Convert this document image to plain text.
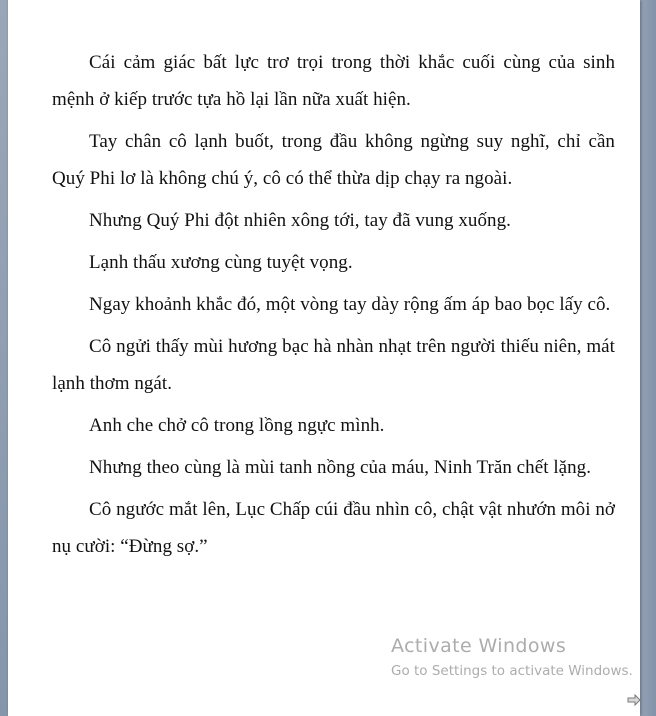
Cái cảm giác bất lực trơ trọi trong thời khắc cuối cùng của sinh mệnh ở kiếp trước tựa hồ lại lần nữa xuất hiện.

Tay chân cô lạnh buốt, trong đầu không ngừng suy nghĩ, chỉ cần Quý Phi lơ là không chú ý, cô có thể thừa dịp chạy ra ngoài.

Nhưng Quý Phi đột nhiên xông tới, tay đã vung xuống.

Lạnh thấu xương cùng tuyệt vọng.

Ngay khoảnh khắc đó, một vòng tay dày rộng ấm áp bao bọc lấy cô.

Cô ngửi thấy mùi hương bạc hà nhàn nhạt trên người thiếu niên, mát lạnh thơm ngát.

Anh che chở cô trong lồng ngực mình.

Nhưng theo cùng là mùi tanh nồng của máu, Ninh Trăn chết lặng.

Cô ngước mắt lên, Lục Chấp cúi đầu nhìn cô, chật vật nhướn môi nở nụ cười: “Đừng sợ.”

Activate Windows
Go to Settings to activate Windows.
